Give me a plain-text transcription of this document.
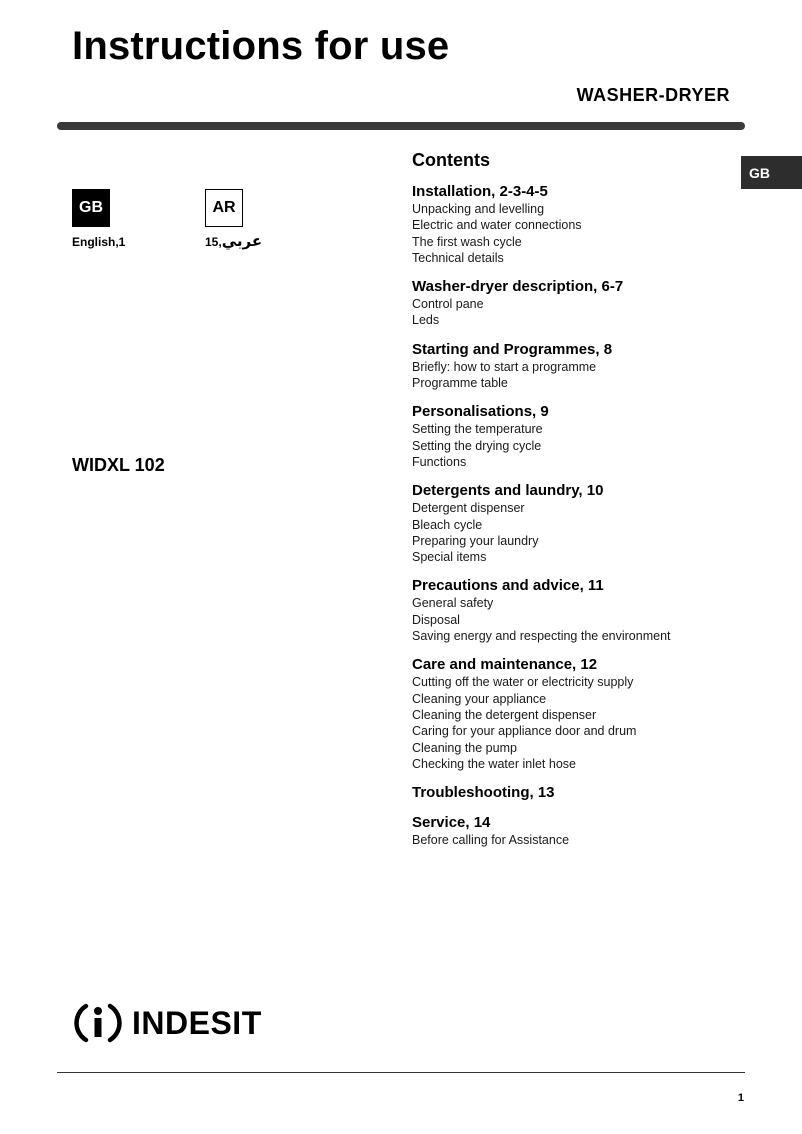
Instructions for use
WASHER-DRYER
GB
GB
English,1
AR
عربي,15
WIDXL 102
Contents
Installation, 2-3-4-5
Unpacking and levelling
Electric and water connections
The first wash cycle
Technical details
Washer-dryer description, 6-7
Control pane
Leds
Starting and Programmes, 8
Briefly: how to start a programme
Programme table
Personalisations, 9
Setting the temperature
Setting the drying cycle
Functions
Detergents and laundry, 10
Detergent dispenser
Bleach cycle
Preparing your laundry
Special items
Precautions and advice, 11
General safety
Disposal
Saving energy and respecting the environment
Care and maintenance, 12
Cutting off the water or electricity supply
Cleaning your appliance
Cleaning the detergent dispenser
Caring for your appliance door and drum
Cleaning the pump
Checking the water inlet hose
Troubleshooting, 13
Service, 14
Before calling for Assistance
INDESIT
1
